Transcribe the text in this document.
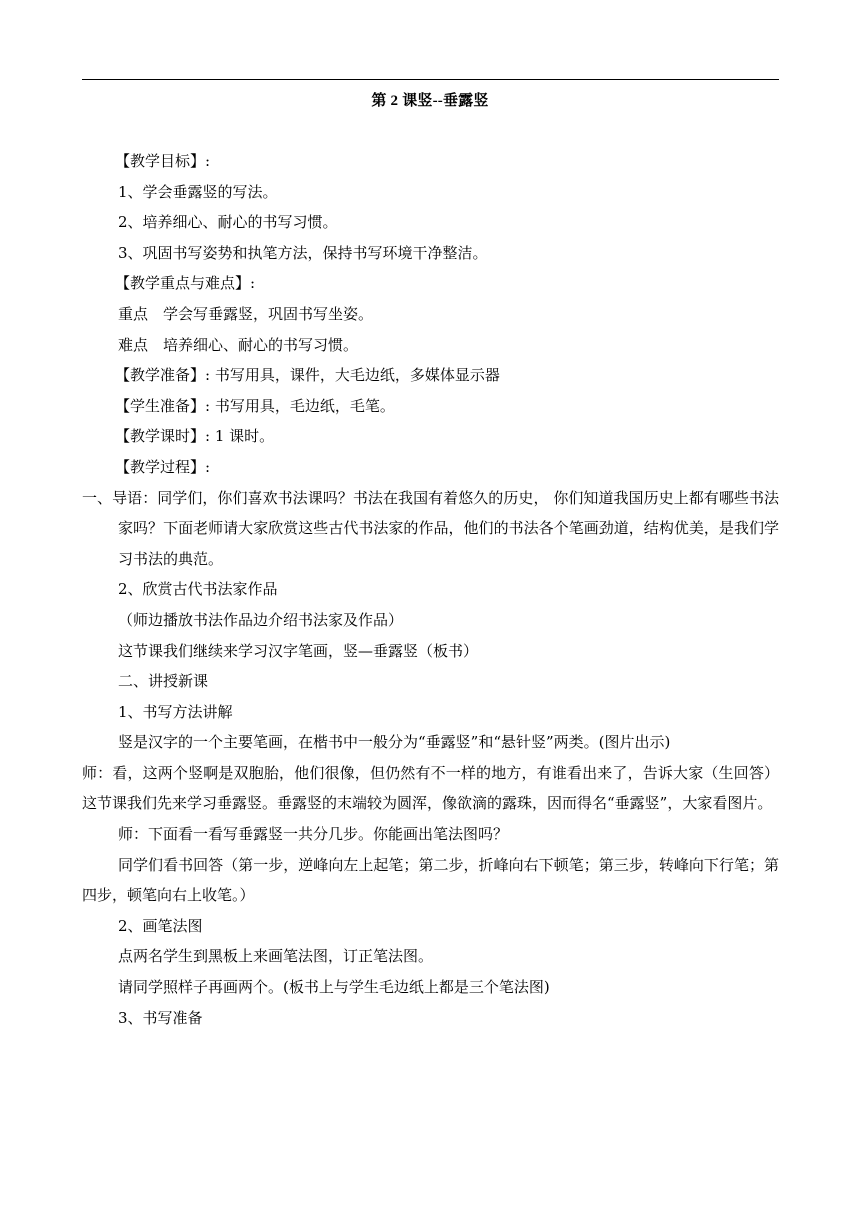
第 2 课竖--垂露竖

【教学目标】:

1、学会垂露竖的写法。

2、培养细心、耐心的书写习惯。

3、巩固书写姿势和执笔方法，保持书写环境干净整洁。

【教学重点与难点】:

重点　学会写垂露竖，巩固书写坐姿。

难点　培养细心、耐心的书写习惯。

【教学准备】: 书写用具，课件，大毛边纸，多媒体显示器

【学生准备】: 书写用具，毛边纸，毛笔。

【教学课时】: 1 课时。

【教学过程】:

一、导语：同学们，你们喜欢书法课吗？书法在我国有着悠久的历史， 你们知道我国历史上都有哪些书法家吗？下面老师请大家欣赏这些古代书法家的作品，他们的书法各个笔画劲道，结构优美，是我们学习书法的典范。

2、欣赏古代书法家作品

（师边播放书法作品边介绍书法家及作品）

这节课我们继续来学习汉字笔画，竖—垂露竖（板书）

二、讲授新课

1、书写方法讲解

竖是汉字的一个主要笔画，在楷书中一般分为“垂露竖”和“悬针竖”两类。(图片出示)

师：看，这两个竖啊是双胞胎，他们很像，但仍然有不一样的地方，有谁看出来了，告诉大家（生回答）这节课我们先来学习垂露竖。垂露竖的末端较为圆浑，像欲滴的露珠，因而得名“垂露竖”，大家看图片。

师：下面看一看写垂露竖一共分几步。你能画出笔法图吗？

同学们看书回答（第一步，逆峰向左上起笔；第二步，折峰向右下顿笔；第三步，转峰向下行笔；第四步，顿笔向右上收笔。）

2、画笔法图

点两名学生到黑板上来画笔法图，订正笔法图。

请同学照样子再画两个。(板书上与学生毛边纸上都是三个笔法图)

3、书写准备
